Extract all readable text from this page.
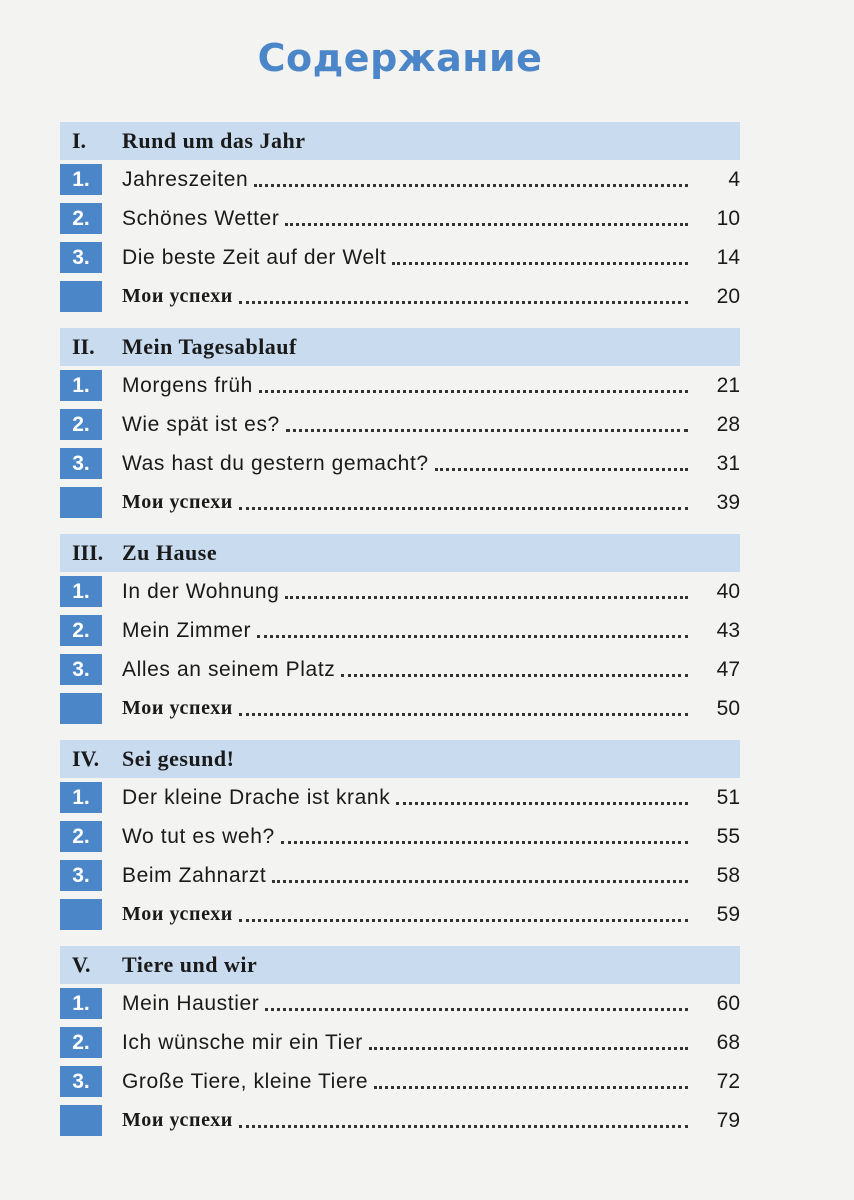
Содержание
I.	Rund um das Jahr
1.	Jahreszeiten	4
2.	Schönes Wetter	10
3.	Die beste Zeit auf der Welt	14
Мои успехи	20
II.	Mein Tagesablauf
1.	Morgens früh	21
2.	Wie spät ist es?	28
3.	Was hast du gestern gemacht?	31
Мои успехи	39
III. Zu Hause
1.	In der Wohnung	40
2.	Mein Zimmer	43
3.	Alles an seinem Platz	47
Мои успехи	50
IV.	Sei gesund!
1.	Der kleine Drache ist krank	51
2.	Wo tut es weh?	55
3.	Beim Zahnarzt	58
Мои успехи	59
V.	Tiere und wir
1.	Mein Haustier	60
2.	Ich wünsche mir ein Tier	68
3.	Große Tiere, kleine Tiere	72
Мои успехи	79
